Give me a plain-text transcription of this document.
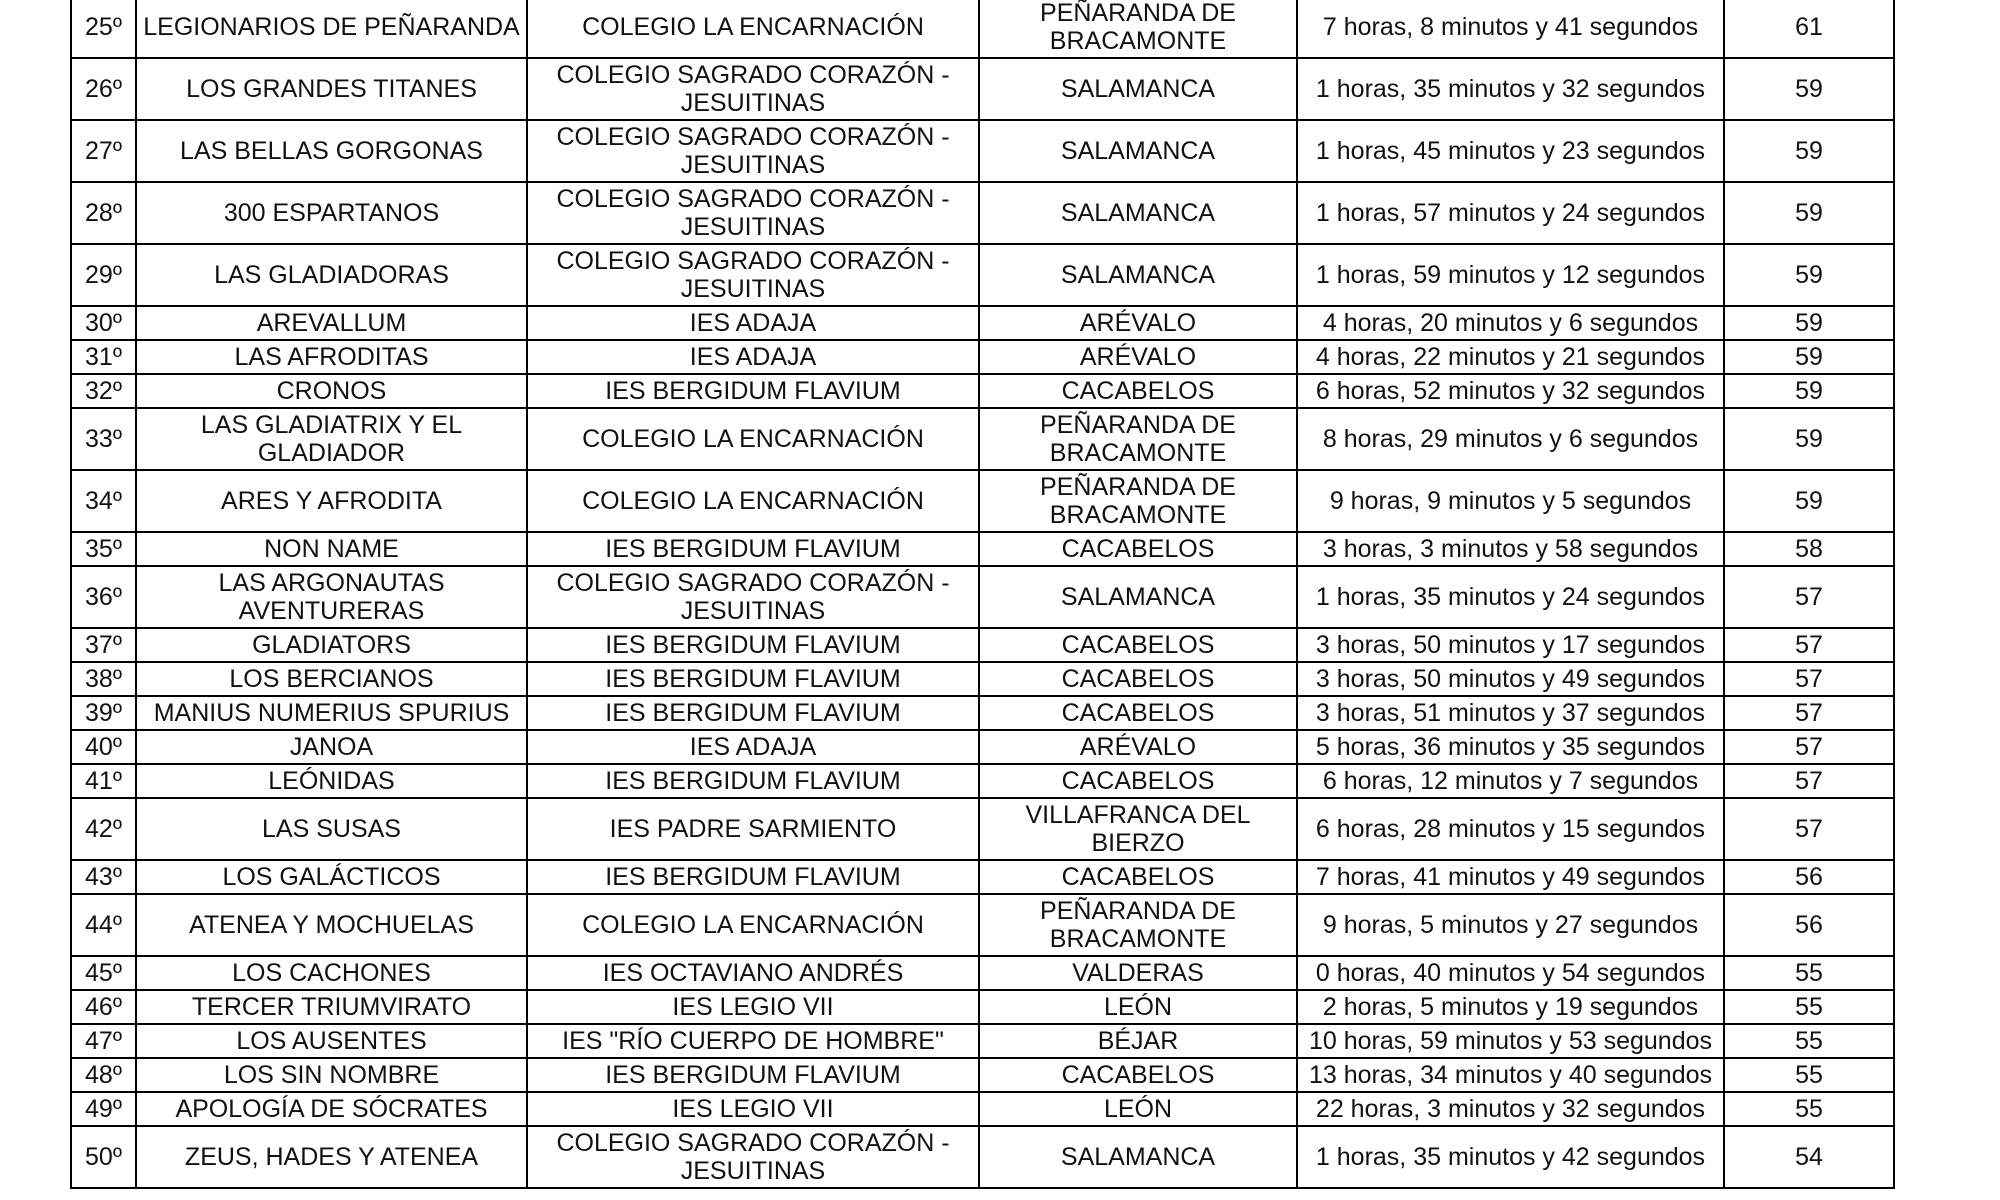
25º	LEGIONARIOS DE PEÑARANDA	COLEGIO LA ENCARNACIÓN	PEÑARANDA DE BRACAMONTE	7 horas, 8 minutos y 41 segundos	61
26º	LOS GRANDES TITANES	COLEGIO SAGRADO CORAZÓN - JESUITINAS	SALAMANCA	1 horas, 35 minutos y 32 segundos	59
27º	LAS BELLAS GORGONAS	COLEGIO SAGRADO CORAZÓN - JESUITINAS	SALAMANCA	1 horas, 45 minutos y 23 segundos	59
28º	300 ESPARTANOS	COLEGIO SAGRADO CORAZÓN - JESUITINAS	SALAMANCA	1 horas, 57 minutos y 24 segundos	59
29º	LAS GLADIADORAS	COLEGIO SAGRADO CORAZÓN - JESUITINAS	SALAMANCA	1 horas, 59 minutos y 12 segundos	59
30º	AREVALLUM	IES ADAJA	ARÉVALO	4 horas, 20 minutos y 6 segundos	59
31º	LAS AFRODITAS	IES ADAJA	ARÉVALO	4 horas, 22 minutos y 21 segundos	59
32º	CRONOS	IES BERGIDUM FLAVIUM	CACABELOS	6 horas, 52 minutos y 32 segundos	59
33º	LAS GLADIATRIX Y EL GLADIADOR	COLEGIO LA ENCARNACIÓN	PEÑARANDA DE BRACAMONTE	8 horas, 29 minutos y 6 segundos	59
34º	ARES Y AFRODITA	COLEGIO LA ENCARNACIÓN	PEÑARANDA DE BRACAMONTE	9 horas, 9 minutos y 5 segundos	59
35º	NON NAME	IES BERGIDUM FLAVIUM	CACABELOS	3 horas, 3 minutos y 58 segundos	58
36º	LAS ARGONAUTAS AVENTURERAS	COLEGIO SAGRADO CORAZÓN - JESUITINAS	SALAMANCA	1 horas, 35 minutos y 24 segundos	57
37º	GLADIATORS	IES BERGIDUM FLAVIUM	CACABELOS	3 horas, 50 minutos y 17 segundos	57
38º	LOS BERCIANOS	IES BERGIDUM FLAVIUM	CACABELOS	3 horas, 50 minutos y 49 segundos	57
39º	MANIUS NUMERIUS SPURIUS	IES BERGIDUM FLAVIUM	CACABELOS	3 horas, 51 minutos y 37 segundos	57
40º	JANOA	IES ADAJA	ARÉVALO	5 horas, 36 minutos y 35 segundos	57
41º	LEÓNIDAS	IES BERGIDUM FLAVIUM	CACABELOS	6 horas, 12 minutos y 7 segundos	57
42º	LAS SUSAS	IES PADRE SARMIENTO	VILLAFRANCA DEL BIERZO	6 horas, 28 minutos y 15 segundos	57
43º	LOS GALÁCTICOS	IES BERGIDUM FLAVIUM	CACABELOS	7 horas, 41 minutos y 49 segundos	56
44º	ATENEA Y MOCHUELAS	COLEGIO LA ENCARNACIÓN	PEÑARANDA DE BRACAMONTE	9 horas, 5 minutos y 27 segundos	56
45º	LOS CACHONES	IES OCTAVIANO ANDRÉS	VALDERAS	0 horas, 40 minutos y 54 segundos	55
46º	TERCER TRIUMVIRATO	IES LEGIO VII	LEÓN	2 horas, 5 minutos y 19 segundos	55
47º	LOS AUSENTES	IES "RÍO CUERPO DE HOMBRE"	BÉJAR	10 horas, 59 minutos y 53 segundos	55
48º	LOS SIN NOMBRE	IES BERGIDUM FLAVIUM	CACABELOS	13 horas, 34 minutos y 40 segundos	55
49º	APOLOGÍA DE SÓCRATES	IES LEGIO VII	LEÓN	22 horas, 3 minutos y 32 segundos	55
50º	ZEUS, HADES Y ATENEA	COLEGIO SAGRADO CORAZÓN - JESUITINAS	SALAMANCA	1 horas, 35 minutos y 42 segundos	54
